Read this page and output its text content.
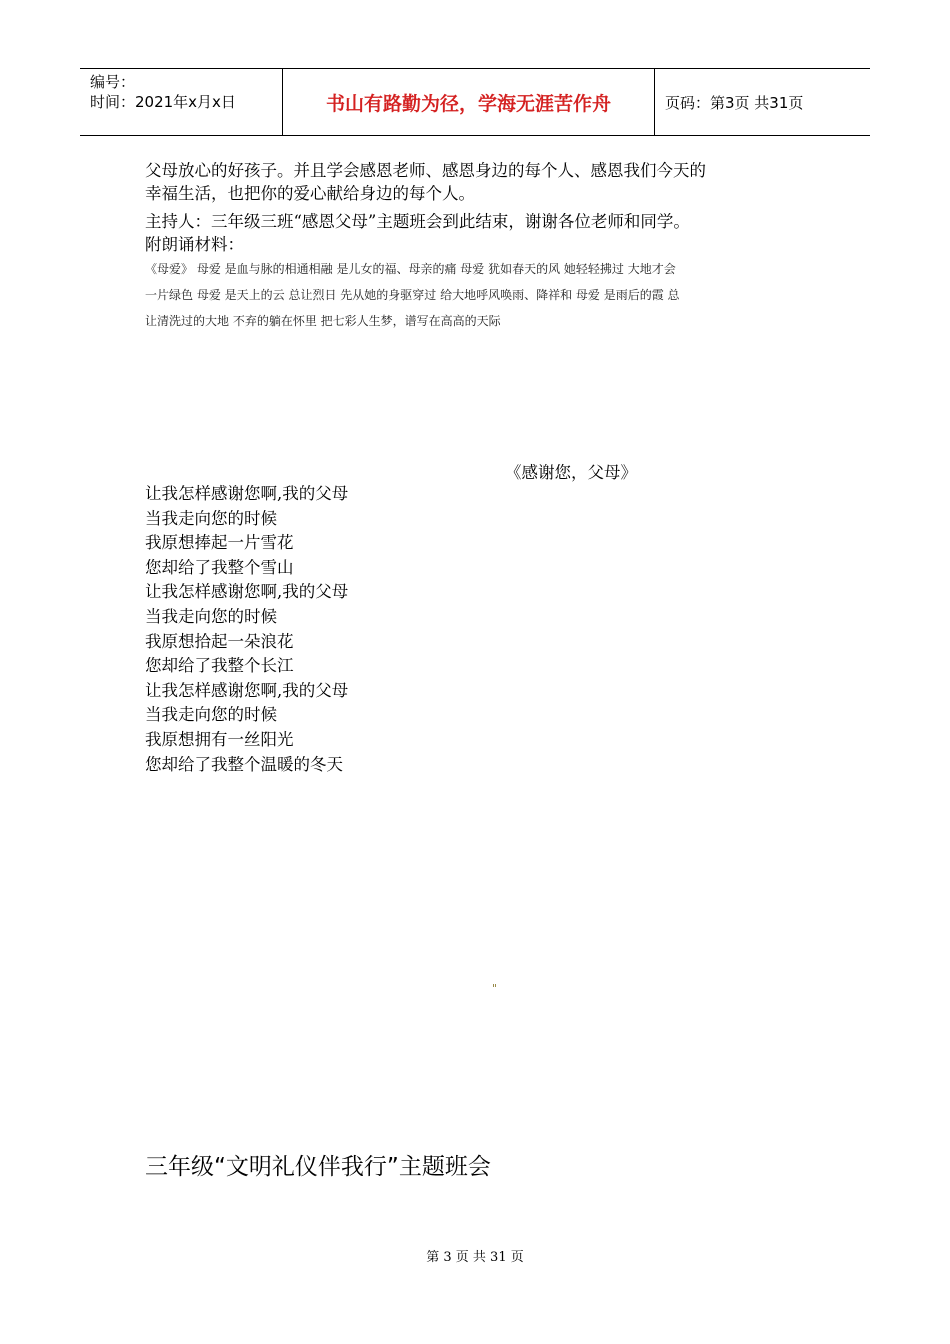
编号：
时间：2021年x月x日	书山有路勤为径，学海无涯苦作舟	页码：第3页 共31页

父母放心的好孩子。并且学会感恩老师、感恩身边的每个人、感恩我们今天的

幸福生活，也把你的爱心献给身边的每个人。

主持人：三年级三班“感恩父母”主题班会到此结束，谢谢各位老师和同学。

附朗诵材料：

《母爱》 母爱 是血与脉的相通相融 是儿女的福、母亲的痛 母爱 犹如春天的风 她轻轻拂过 大地才会

一片绿色 母爱 是天上的云 总让烈日 先从她的身驱穿过 给大地呼风唤雨、降祥和 母爱 是雨后的霞 总

让清洗过的大地 不弃的躺在怀里 把七彩人生梦，谱写在高高的天际

《感谢您，父母》
让我怎样感谢您啊,我的父母
当我走向您的时候
我原想捧起一片雪花
您却给了我整个雪山
让我怎样感谢您啊,我的父母
当我走向您的时候
我原想拾起一朵浪花
您却给了我整个长江
让我怎样感谢您啊,我的父母
当我走向您的时候
我原想拥有一丝阳光
您却给了我整个温暖的冬天
"
三年级“文明礼仪伴我行”主题班会
第 3 页 共 31 页
